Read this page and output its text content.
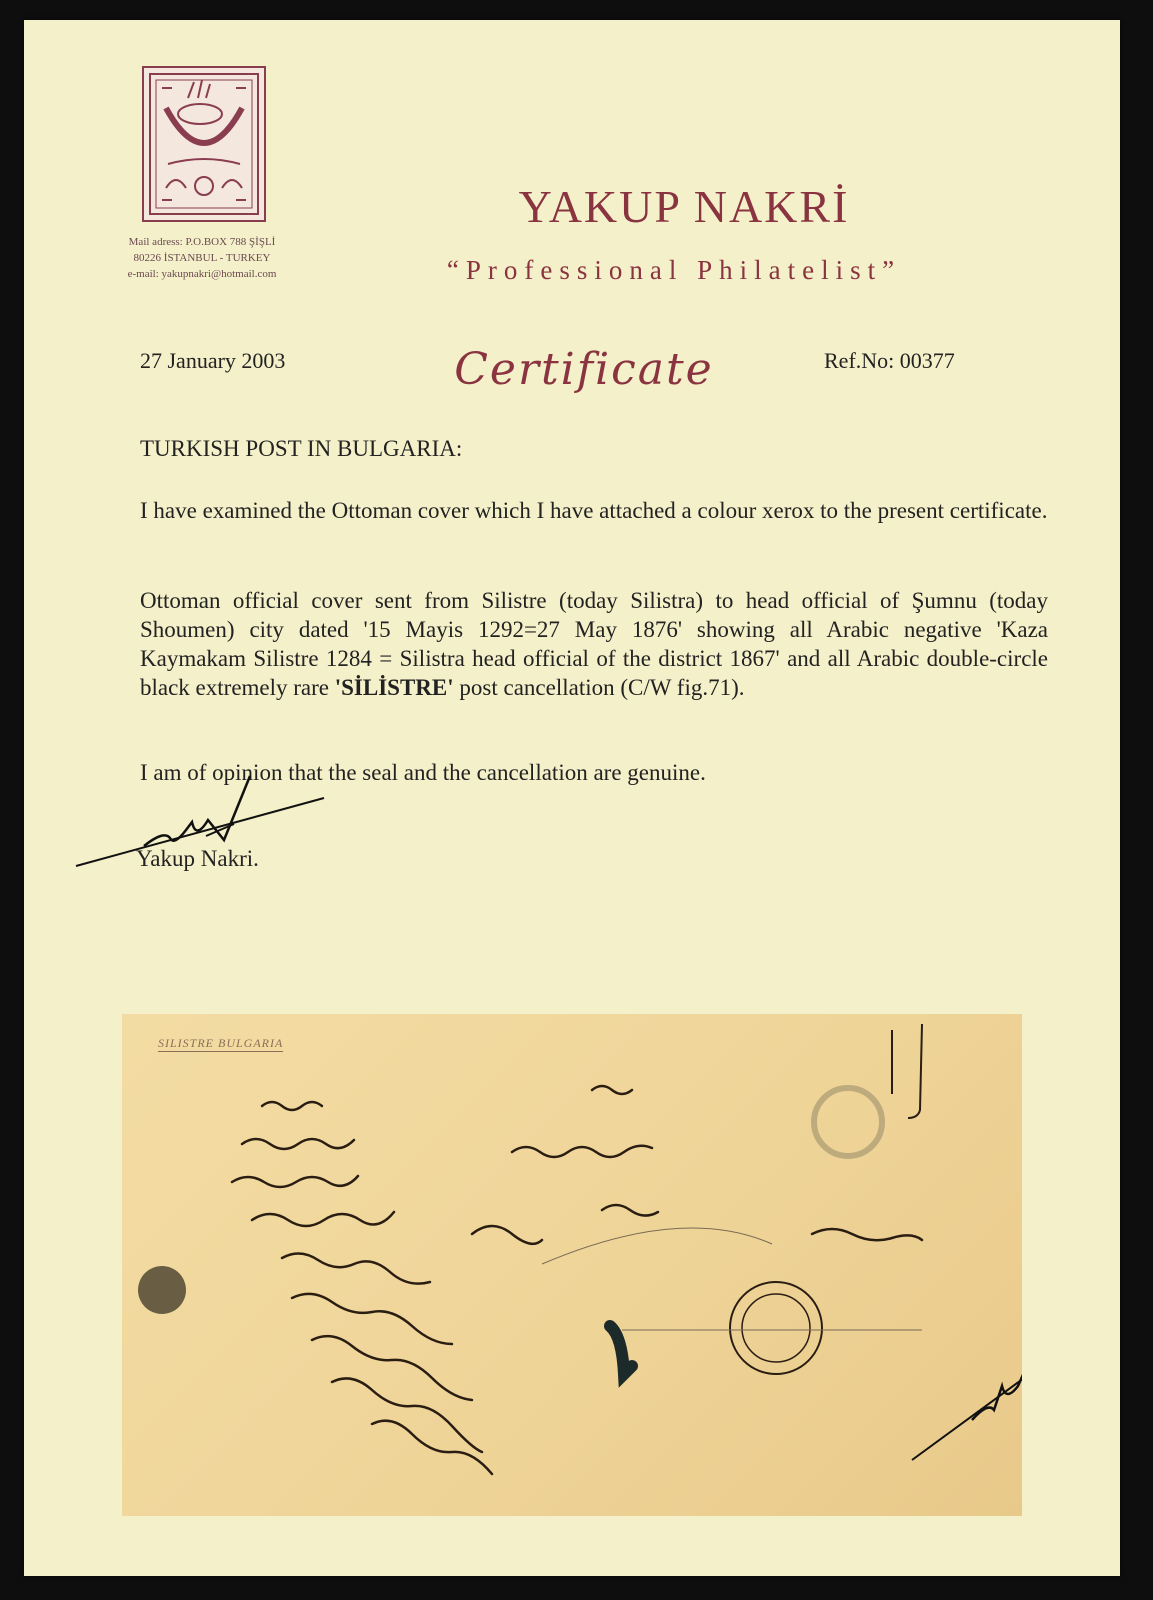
Mail adress: P.O.BOX 788 ŞİŞLİ
80226 İSTANBUL - TURKEY
e-mail: yakupnakri@hotmail.com
YAKUP NAKRİ
“Professional Philatelist”
27 January 2003	Certificate	Ref.No: 00377
TURKISH POST IN BULGARIA:
I have examined the Ottoman cover which I have attached a colour xerox to the present certificate.
Ottoman official cover sent from Silistre (today Silistra) to head official of Şumnu (today Shoumen) city dated '15 Mayis 1292=27 May 1876' showing all Arabic negative 'Kaza Kaymakam Silistre 1284 = Silistra head official of the district 1867' and all Arabic double-circle black extremely rare 'SİLİSTRE' post cancellation (C/W fig.71).
I am of opinion that the seal and the cancellation are genuine.
Yakup Nakri.
SILISTRE BULGARIA
